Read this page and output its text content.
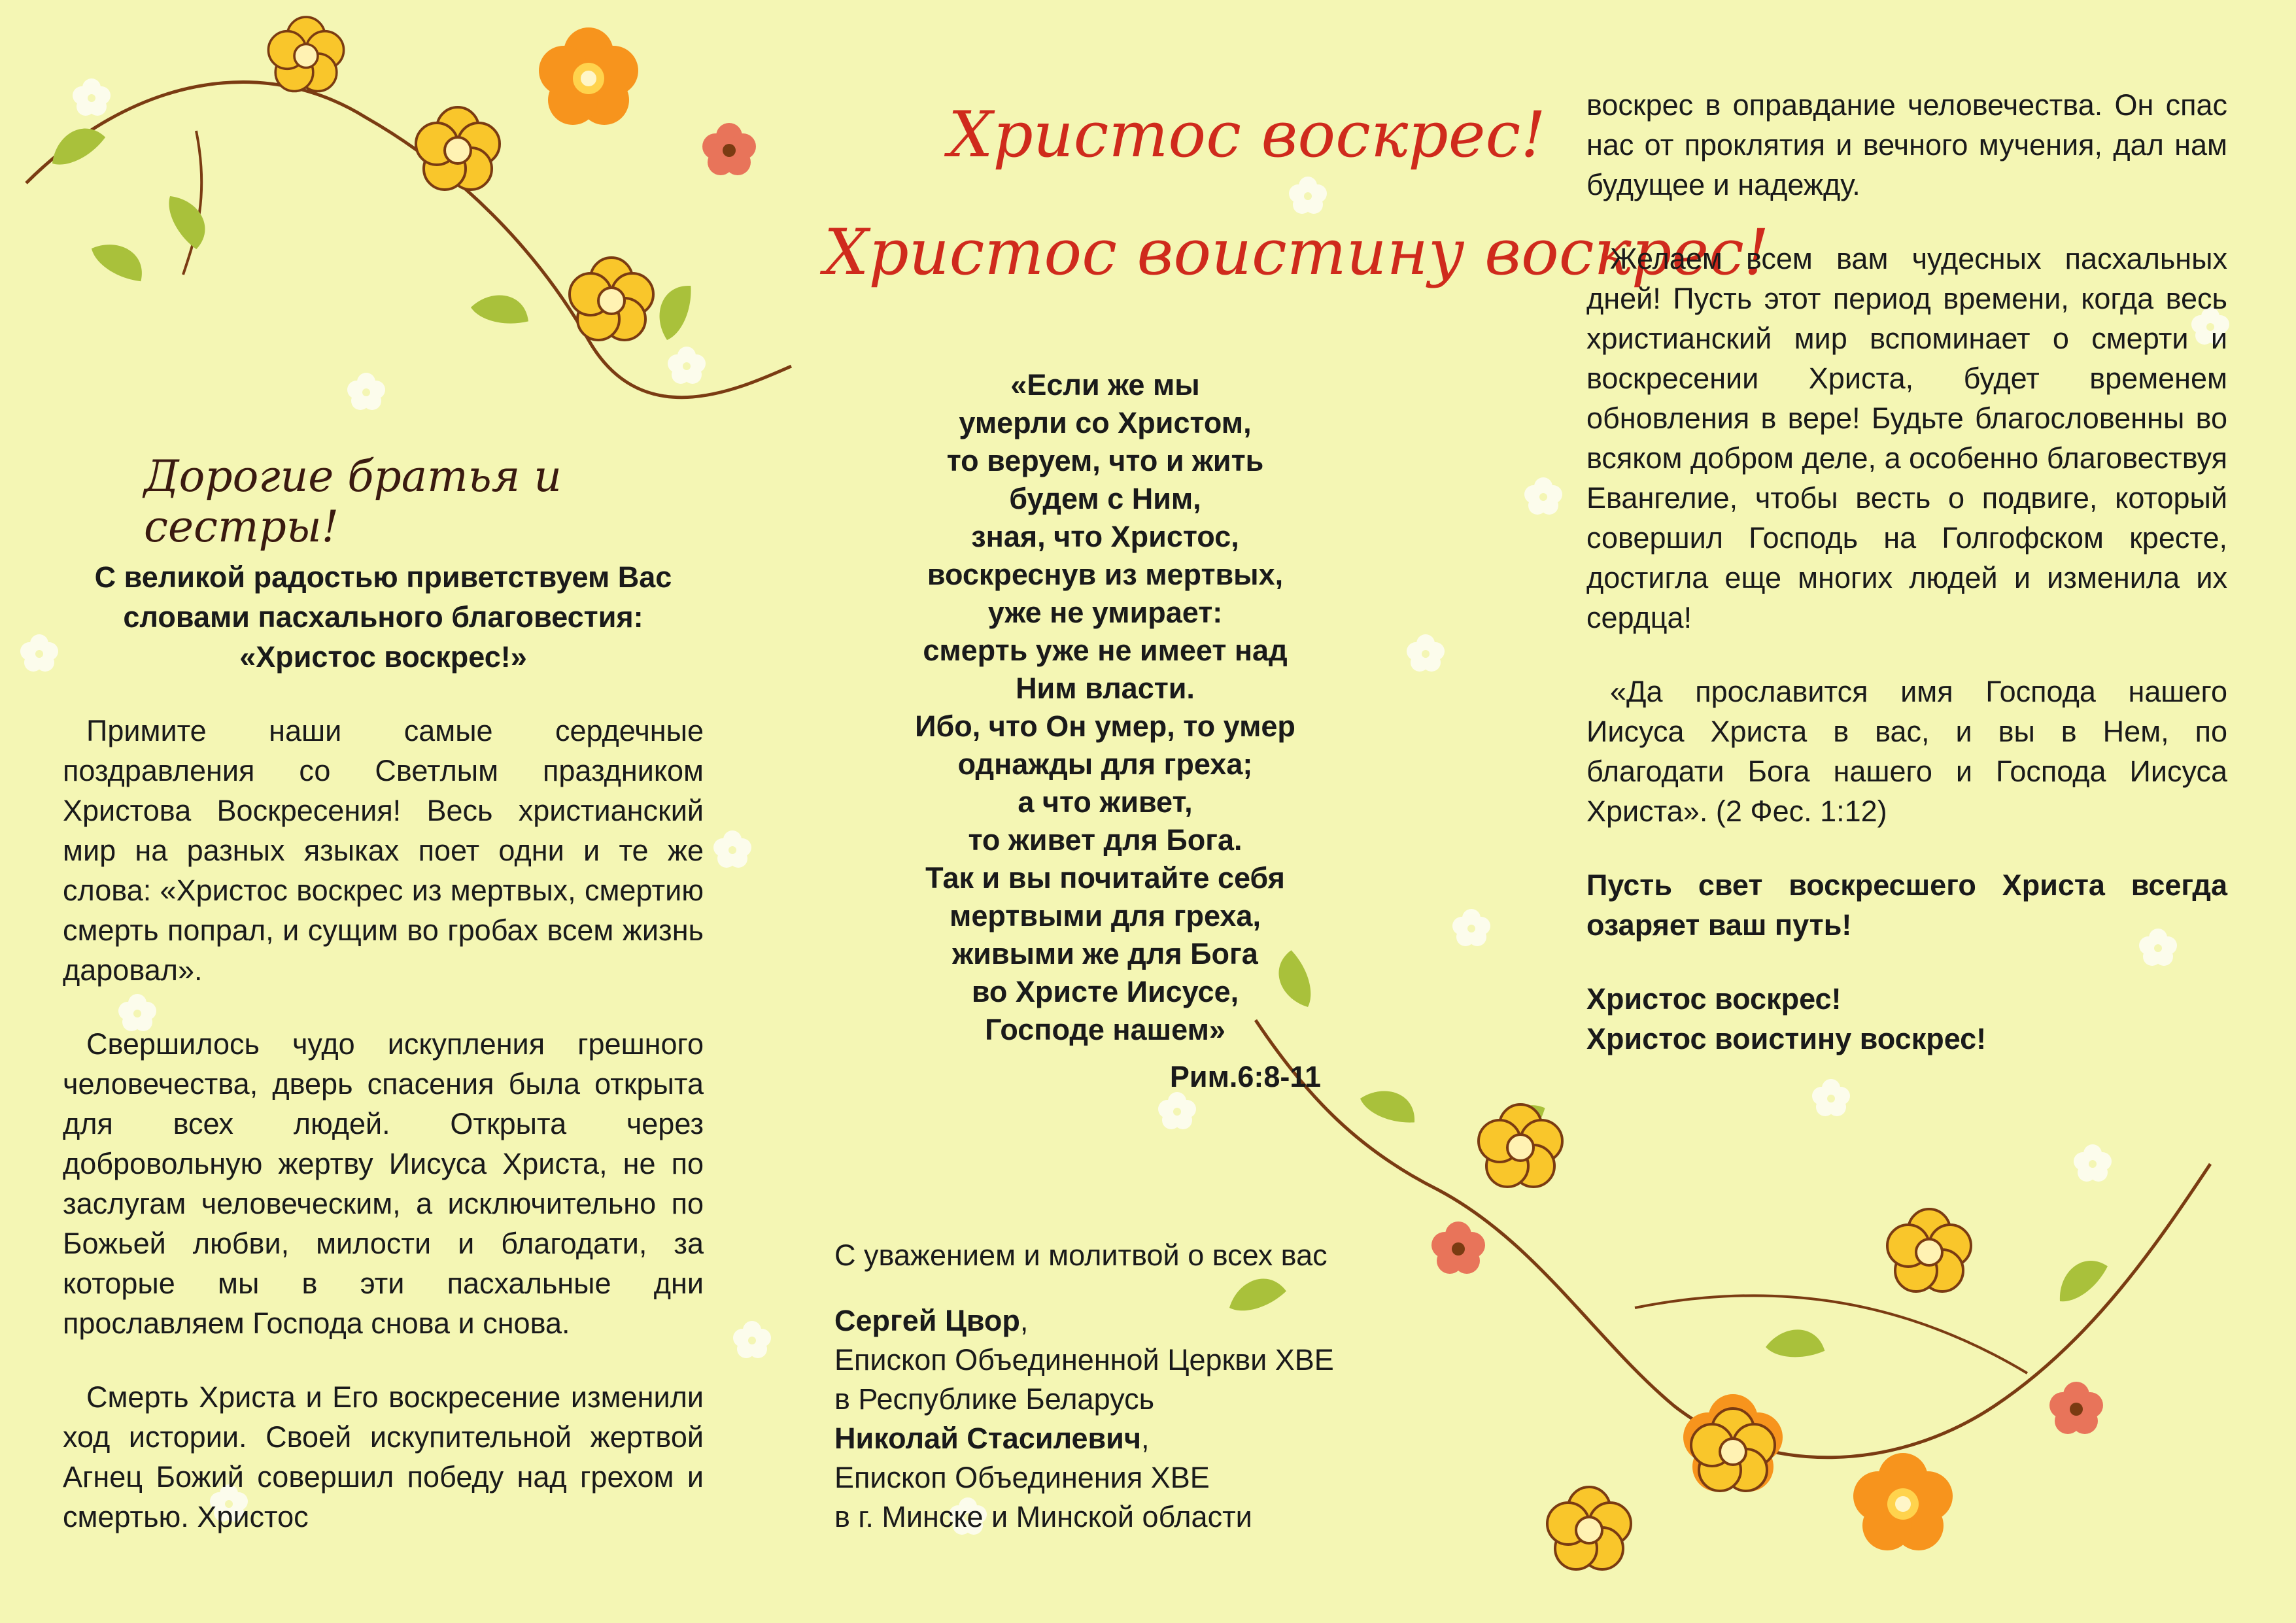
Христос воскрес!
Христос воистину воскрес!
Дорогие братья и сестры!
С великой радостью приветствуем Вас
словами пасхального благовестия:
«Христос воскрес!»

Примите наши самые сердечные поздравления со Светлым праздником Христова Воскресения! Весь христианский мир на разных языках поет одни и те же слова: «Христос воскрес из мертвых, смертию смерть попрал, и сущим во гробах всем жизнь даровал».

Свершилось чудо искупления грешного человечества, дверь спасения была открыта для всех людей. Открыта через добровольную жертву Иисуса Христа, не по заслугам человеческим, а исключительно по Божьей любви, милости и благодати, за которые мы в эти пасхальные дни прославляем Господа снова и снова.

Смерть Христа и Его воскресение изменили ход истории. Своей искупительной жертвой Агнец Божий совершил победу над грехом и смертью. Христос

«Если же мы
умерли со Христом,
то веруем, что и жить
будем с Ним,
зная, что Христос,
воскреснув из мертвых,
уже не умирает:
смерть уже не имеет над
Ним власти.
Ибо, что Он умер, то умер
однажды для греха;
а что живет,
то живет для Бога.
Так и вы почитайте себя
мертвыми для греха,
живыми же для Бога
во Христе Иисусе,
Господе нашем»
Рим.6:8-11
С уважением и молитвой о всех вас
Сергей Цвор,
Епископ Объединенной Церкви ХВЕ
в Республике Беларусь
Николай Стасилевич,
Епископ Объединения ХВЕ
в г. Минске и Минской области

воскрес в оправдание человечества. Он спас нас от проклятия и вечного мучения, дал нам будущее и надежду.

Желаем всем вам чудесных пасхальных дней! Пусть этот период времени, когда весь христианский мир вспоминает о смерти и воскресении Христа, будет временем обновления в вере! Будьте благословенны во всяком добром деле, а особенно благовествуя Евангелие, чтобы весть о подвиге, который совершил Господь на Голгофском кресте, достигла еще многих людей и изменила их сердца!

«Да прославится имя Господа нашего Иисуса Христа в вас, и вы в Нем, по благодати Бога нашего и Господа Иисуса Христа». (2 Фес. 1:12)

Пусть свет воскресшего Христа всегда озаряет ваш путь!

Христос воскрес!
Христос воистину воскрес!
